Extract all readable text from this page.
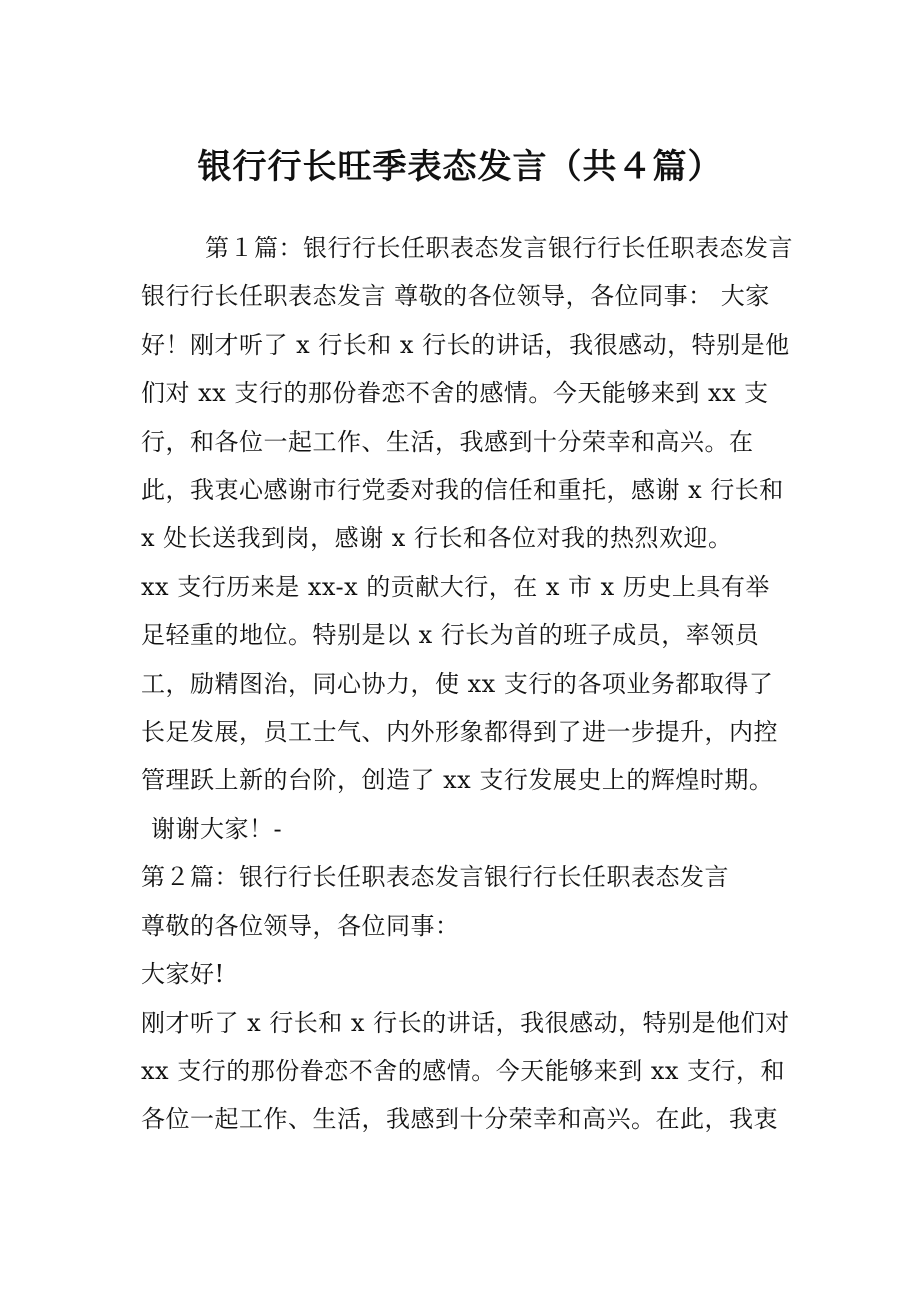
银行行长旺季表态发言（共４篇）

第１篇：银行行长任职表态发言银行行长任职表态发言

银行行长任职表态发言 尊敬的各位领导，各位同事： 大家好！刚才听了 x 行长和 x 行长的讲话，我很感动，特别是他们对 xx 支行的那份眷恋不舍的感情。今天能够来到 xx 支行，和各位一起工作、生活，我感到十分荣幸和高兴。在此，我衷心感谢市行党委对我的信任和重托，感谢 x 行长和 x 处长送我到岗，感谢 x 行长和各位对我的热烈欢迎。

xx 支行历来是 xx-x 的贡献大行，在 x 市 x 历史上具有举足轻重的地位。特别是以 x 行长为首的班子成员，率领员工，励精图治，同心协力，使 xx 支行的各项业务都取得了长足发展，员工士气、内外形象都得到了进一步提升，内控管理跃上新的台阶，创造了 xx 支行发展史上的辉煌时期。

谢谢大家！-

第２篇：银行行长任职表态发言银行行长任职表态发言

尊敬的各位领导，各位同事：

大家好!

刚才听了 x 行长和 x 行长的讲话，我很感动，特别是他们对 xx 支行的那份眷恋不舍的感情。今天能够来到 xx 支行，和各位一起工作、生活，我感到十分荣幸和高兴。在此，我衷
